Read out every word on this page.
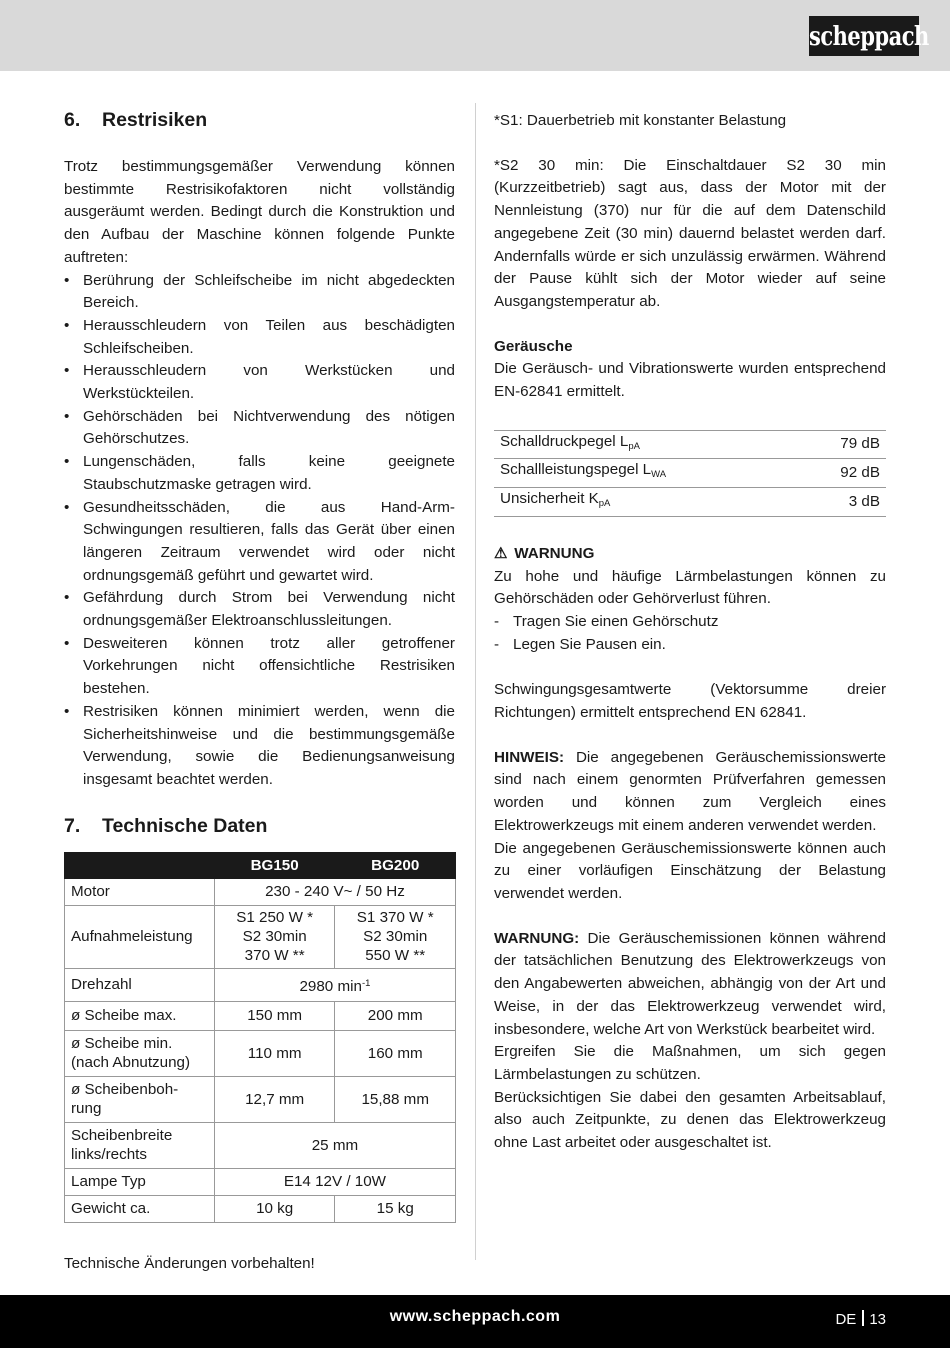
scheppach
6. Restrisiken

Trotz bestimmungsgemäßer Verwendung können bestimmte Restrisikofaktoren nicht vollständig ausgeräumt werden. Bedingt durch die Konstruktion und den Aufbau der Maschine können folgende Punkte auftreten:

• Berührung der Schleifscheibe im nicht abgedeckten Bereich.
• Herausschleudern von Teilen aus beschädigten Schleifscheiben.
• Herausschleudern von Werkstücken und Werkstückteilen.
• Gehörschäden bei Nichtverwendung des nötigen Gehörschutzes.
• Lungenschäden, falls keine geeignete Staubschutzmaske getragen wird.
• Gesundheitsschäden, die aus Hand-Arm- Schwingungen resultieren, falls das Gerät über einen längeren Zeitraum verwendet wird oder nicht ordnungsgemäß geführt und gewartet wird.
• Gefährdung durch Strom bei Verwendung nicht ordnungsgemäßer Elektroanschlussleitungen.
• Desweiteren können trotz aller getroffener Vorkehrungen nicht offensichtliche Restrisiken bestehen.
• Restrisiken können minimiert werden, wenn die Sicherheitshinweise und die bestimmungsgemäße Verwendung, sowie die Bedienungsanweisung insgesamt beachtet werden.
7. Technische Daten
	BG150	BG200
Motor	230 - 240 V~ / 50 Hz	
Aufnahmeleistung	S1 250 W *
S2 30min
370 W **	S1 370 W *
S2 30min
550 W **
Drehzahl	2980 $\min^{-1}$
ø Scheibe max.	150 mm	200 mm
ø Scheibe min.
(nach Abnutzung)	110 mm	160 mm
ø Scheibenboh-
rung	12,7 mm	15,88 mm
Scheibenbreite
links/rechts	25 mm	
Lampe Typ	E14 12V / 10W	
Gewicht ca.	10 kg	15 kg

Technische Änderungen vorbehalten!

*S1: Dauerbetrieb mit konstanter Belastung

*S2 30 min: Die Einschaltdauer S2 30 min (Kurzzeitbetrieb) sagt aus, dass der Motor mit der Nennleistung (370) nur für die auf dem Datenschild angegebene Zeit (30 min) dauernd belastet werden darf. Andernfalls würde er sich unzulässig erwärmen. Während der Pause kühlt sich der Motor wieder auf seine Ausgangstemperatur ab.

Geräusche

Die Geräusch- und Vibrationswerte wurden entsprechend EN-62841 ermittelt.

Schalldruckpegel $L_{pA}$	79 dB
Schallleistungspegel $L_{WA}$	92 dB
Unsicherheit $K_{pA}$	3 dB

⚠ WARNUNG

Zu hohe und häufige Lärmbelastungen können zu Gehörschäden oder Gehörverlust führen.

- Tragen Sie einen Gehörschutz
- Legen Sie Pausen ein.

Schwingungsgesamtwerte (Vektorsumme dreier Richtungen) ermittelt entsprechend EN 62841.

HINWEIS: Die angegebenen Geräuschemissionswerte sind nach einem genormten Prüfverfahren gemessen worden und können zum Vergleich eines Elektrowerkzeugs mit einem anderen verwendet werden.

Die angegebenen Geräuschemissionswerte können auch zu einer vorläufigen Einschätzung der Belastung verwendet werden.

WARNUNG: Die Geräuschemissionen können während der tatsächlichen Benutzung des Elektrowerkzeugs von den Angabewerten abweichen, abhängig von der Art und Weise, in der das Elektrowerkzeug verwendet wird, insbesondere, welche Art von Werkstück bearbeitet wird.

Ergreifen Sie die Maßnahmen, um sich gegen Lärmbelastungen zu schützen.

Berücksichtigen Sie dabei den gesamten Arbeitsablauf, also auch Zeitpunkte, zu denen das Elektrowerkzeug ohne Last arbeitet oder ausgeschaltet ist.

www.scheppach.com	DE 13
